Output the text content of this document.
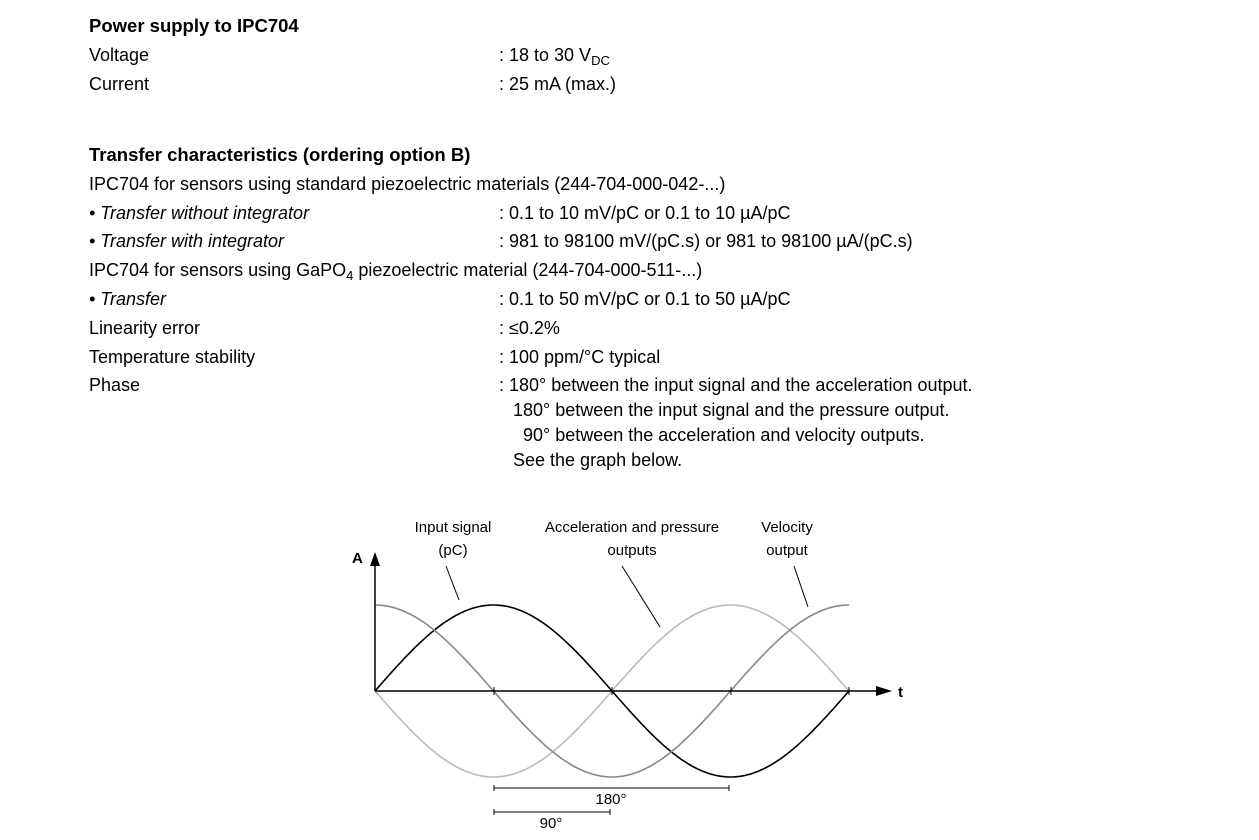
Power supply to IPC704
Voltage	: 18 to 30 $V_{DC}$
Current	: 25 mA (max.)
Transfer characteristics (ordering option B)
IPC704 for sensors using standard piezoelectric materials (244-704-000-042-...)
• Transfer without integrator	: 0.1 to 10 mV/pC or 0.1 to 10 µA/pC
• Transfer with integrator	: 981 to 98100 mV/(pC.s) or 981 to 98100 µA/(pC.s)
IPC704 for sensors using GaPO$_4$ piezoelectric material (244-704-000-511-...)
• Transfer	: 0.1 to 50 mV/pC or 0.1 to 50 µA/pC
Linearity error	: ≤0.2%
Temperature stability	: 100 ppm/°C typical
Phase	: 180° between the input signal and the acceleration output.
180° between the input signal and the pressure output.
90° between the acceleration and velocity outputs.
See the graph below.
A
t
Input signal
(pC)
Acceleration and pressure
outputs
Velocity
output
180°
90°
